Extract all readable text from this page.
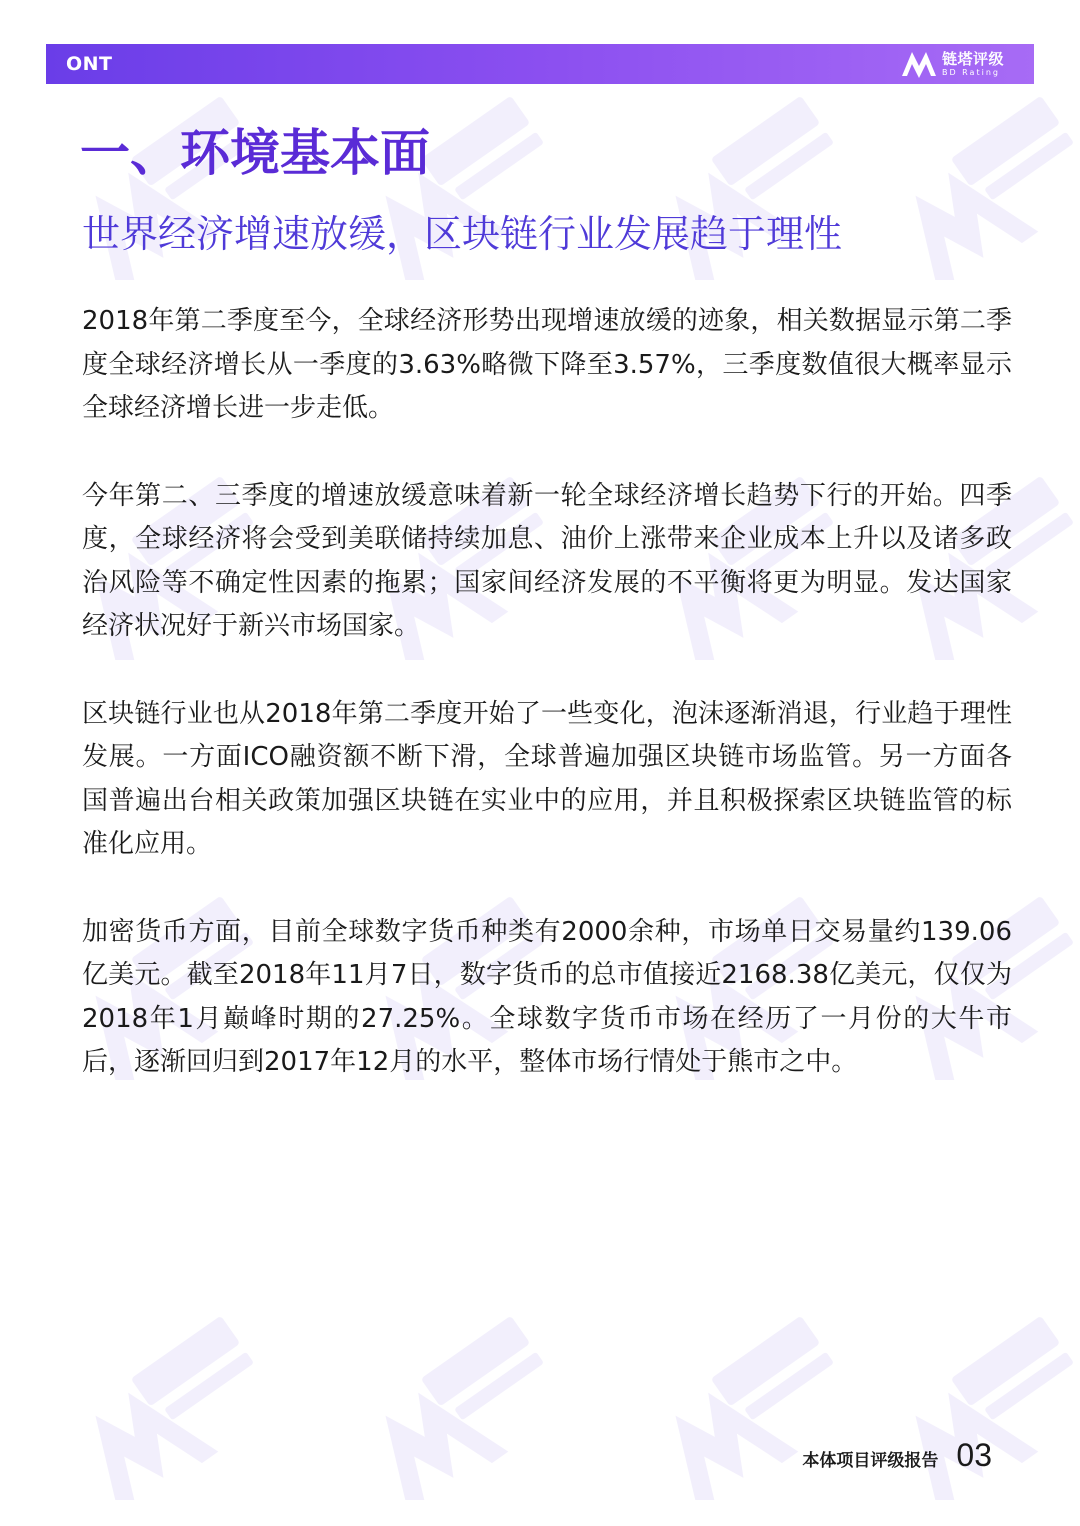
ONT	链塔评级
BD Rating
一、环境基本面
世界经济增速放缓，区块链行业发展趋于理性

2018年第二季度至今，全球经济形势出现增速放缓的迹象，相关数据显示第二季度全球经济增长从一季度的3.63%略微下降至3.57%，三季度数值很大概率显示全球经济增长进一步走低。

今年第二、三季度的增速放缓意味着新一轮全球经济增长趋势下行的开始。四季度，全球经济将会受到美联储持续加息、油价上涨带来企业成本上升以及诸多政治风险等不确定性因素的拖累；国家间经济发展的不平衡将更为明显。发达国家经济状况好于新兴市场国家。

区块链行业也从2018年第二季度开始了一些变化，泡沫逐渐消退，行业趋于理性发展。一方面ICO融资额不断下滑，全球普遍加强区块链市场监管。另一方面各国普遍出台相关政策加强区块链在实业中的应用，并且积极探索区块链监管的标准化应用。

加密货币方面，目前全球数字货币种类有2000余种，市场单日交易量约139.06亿美元。截至2018年11月7日，数字货币的总市值接近2168.38亿美元，仅仅为2018年1月巅峰时期的27.25%。全球数字货币市场在经历了一月份的大牛市后，逐渐回归到2017年12月的水平，整体市场行情处于熊市之中。

本体项目评级报告 03
